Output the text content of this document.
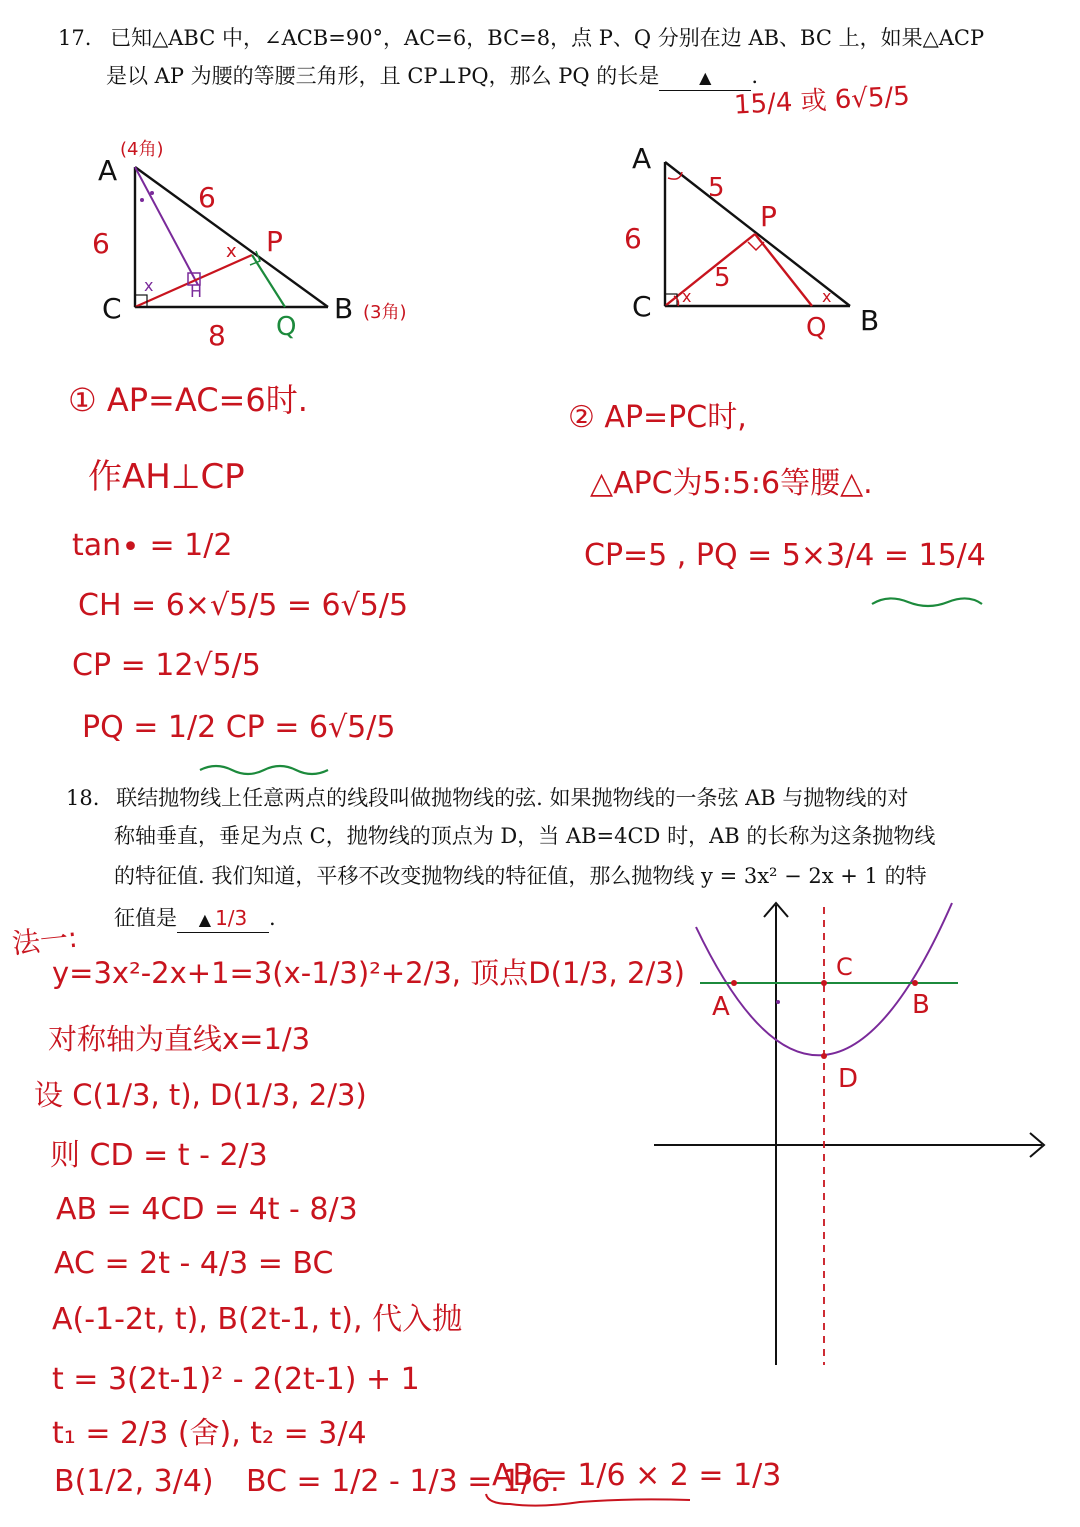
17. 已知△ABC 中，∠ACB=90°，AC=6，BC=8，点 P、Q 分别在边 AB、BC 上，如果△ACP
是以 AP 为腰的等腰三角形，且 CP⊥PQ，那么 PQ 的长是 ▲ .
15/4 或 6√5/5
A
(4角)
C	B (3角)
P
Q
H
6
6
8
x
x
A
C	B
P
Q
6
5
5
x	x
① AP=AC=6时.
作AH⊥CP
tan∙ = 1/2
CH = 6×√5/5 = 6√5/5
CP = 12√5/5
PQ = 1/2 CP = 6√5/5
② AP=PC时,
△APC为5:5:6等腰△.
CP=5 , PQ = 5×3/4 = 15/4
18. 联结抛物线上任意两点的线段叫做抛物线的弦. 如果抛物线的一条弦 AB 与抛物线的对
称轴垂直，垂足为点 C，抛物线的顶点为 D，当 AB=4CD 时，AB 的长称为这条抛物线
的特征值. 我们知道，平移不改变抛物线的特征值，那么抛物线 y = 3x² − 2x + 1 的特
征值是 ▲ 1/3 .
A	B
C
D
法一:
y=3x²-2x+1=3(x-1/3)²+2/3, 顶点D(1/3, 2/3)
对称轴为直线x=1/3
设 C(1/3, t), D(1/3, 2/3)
则 CD = t - 2/3
AB = 4CD = 4t - 8/3
AC = 2t - 4/3 = BC
A(-1-2t, t), B(2t-1, t), 代入抛
t = 3(2t-1)² - 2(2t-1) + 1
t₁ = 2/3 (舍), t₂ = 3/4
B(1/2, 3/4) BC = 1/2 - 1/3 = 1/6.
AB = 1/6 × 2 = 1/3
